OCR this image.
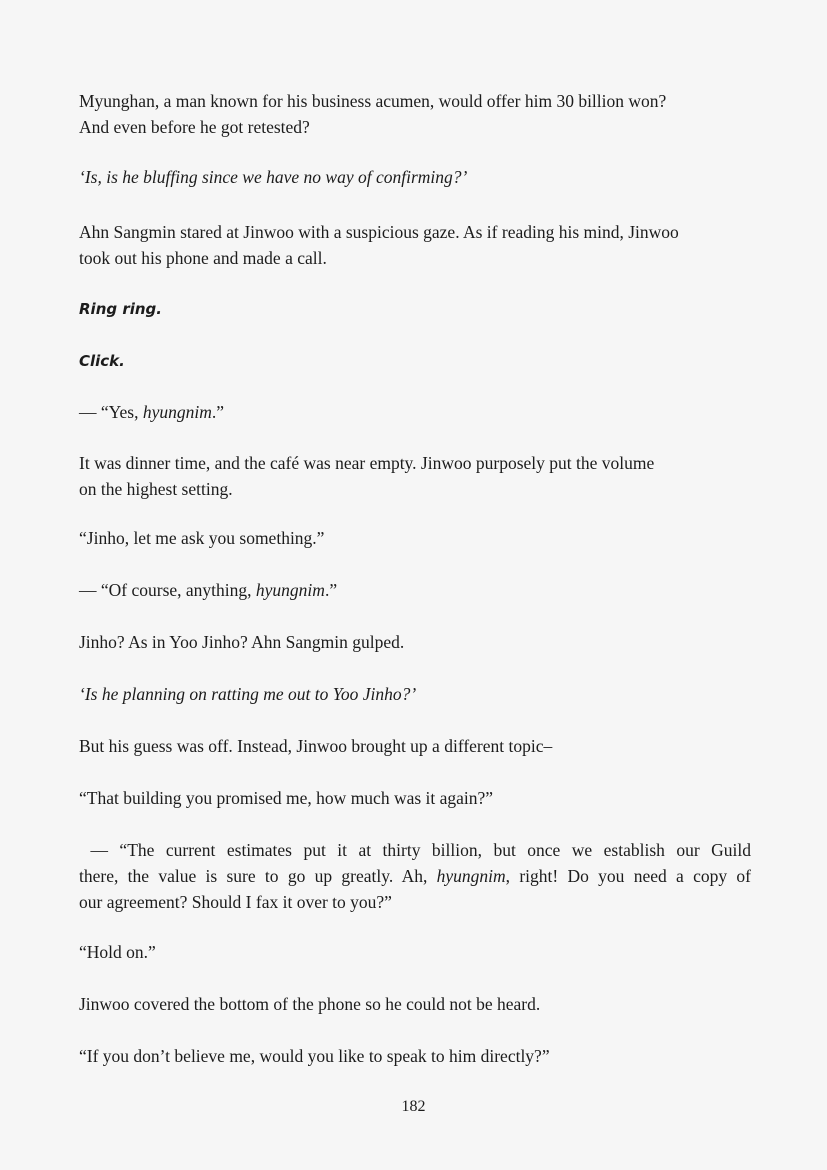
Myunghan, a man known for his business acumen, would offer him 30 billion won?
And even before he got retested?
‘Is, is he bluffing since we have no way of confirming?’
Ahn Sangmin stared at Jinwoo with a suspicious gaze. As if reading his mind, Jinwoo
took out his phone and made a call.
Ring ring.
Click.
— “Yes, hyungnim.”
It was dinner time, and the café was near empty. Jinwoo purposely put the volume
on the highest setting.
“Jinho, let me ask you something.”
— “Of course, anything, hyungnim.”
Jinho? As in Yoo Jinho? Ahn Sangmin gulped.
‘Is he planning on ratting me out to Yoo Jinho?’
But his guess was off. Instead, Jinwoo brought up a different topic–
“That building you promised me, how much was it again?”
— “The current estimates put it at thirty billion, but once we establish our Guild
there, the value is sure to go up greatly. Ah, hyungnim, right! Do you need a copy of
our agreement? Should I fax it over to you?”
“Hold on.”
Jinwoo covered the bottom of the phone so he could not be heard.
“If you don’t believe me, would you like to speak to him directly?”
182
